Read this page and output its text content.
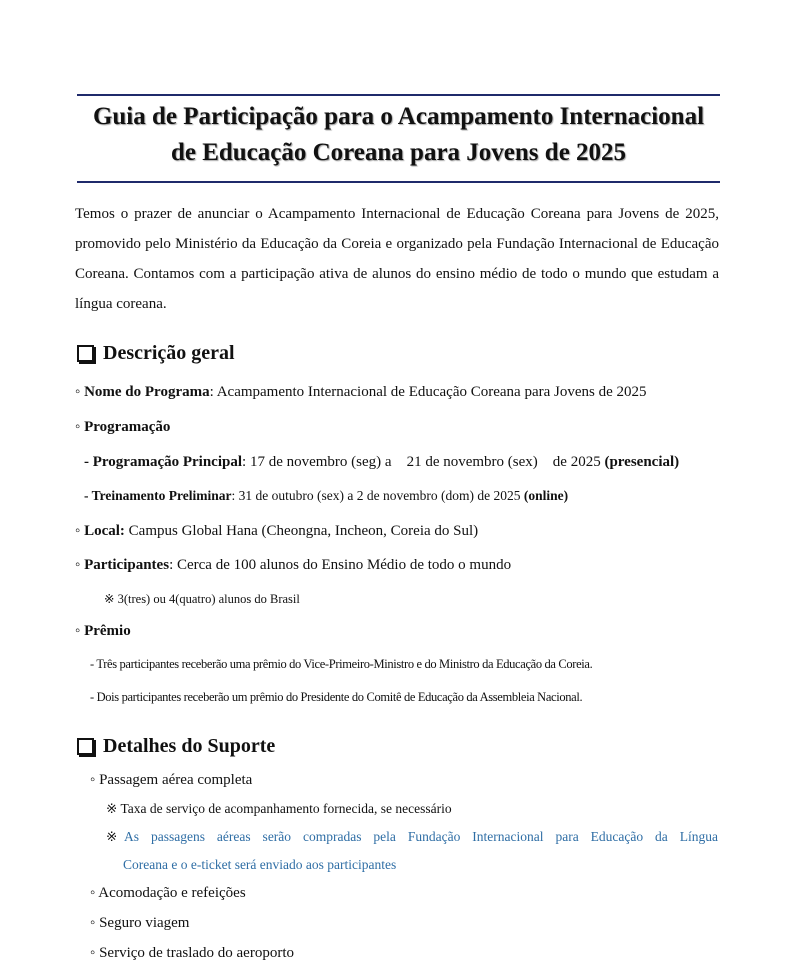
Guia de Participação para o Acampamento Internacional
de Educação Coreana para Jovens de 2025
Temos o prazer de anunciar o Acampamento Internacional de Educação Coreana para Jovens de 2025, promovido pelo Ministério da Educação da Coreia e organizado pela Fundação Internacional de Educação Coreana. Contamos com a participação ativa de alunos do ensino médio de todo o mundo que estudam a língua coreana.
Descrição geral
◦ Nome do Programa: Acampamento Internacional de Educação Coreana para Jovens de 2025
◦ Programação
- Programação Principal: 17 de novembro (seg) a    21 de novembro (sex)    de 2025 (presencial)
- Treinamento Preliminar: 31 de outubro (sex) a 2 de novembro (dom) de 2025 (online)
◦ Local: Campus Global Hana (Cheongna, Incheon, Coreia do Sul)
◦ Participantes: Cerca de 100 alunos do Ensino Médio de todo o mundo
※ 3(tres) ou 4(quatro) alunos do Brasil
◦ Prêmio
- Três participantes receberão uma prêmio do Vice-Primeiro-Ministro e do Ministro da Educação da Coreia.
- Dois participantes receberão um prêmio do Presidente do Comitê de Educação da Assembleia Nacional.
Detalhes do Suporte
◦ Passagem aérea completa
※ Taxa de serviço de acompanhamento fornecida, se necessário
※ As passagens aéreas serão compradas pela Fundação Internacional para Educação da Língua
Coreana e o e-ticket será enviado aos participantes
◦ Acomodação e refeições
◦ Seguro viagem
◦ Serviço de traslado do aeroporto
